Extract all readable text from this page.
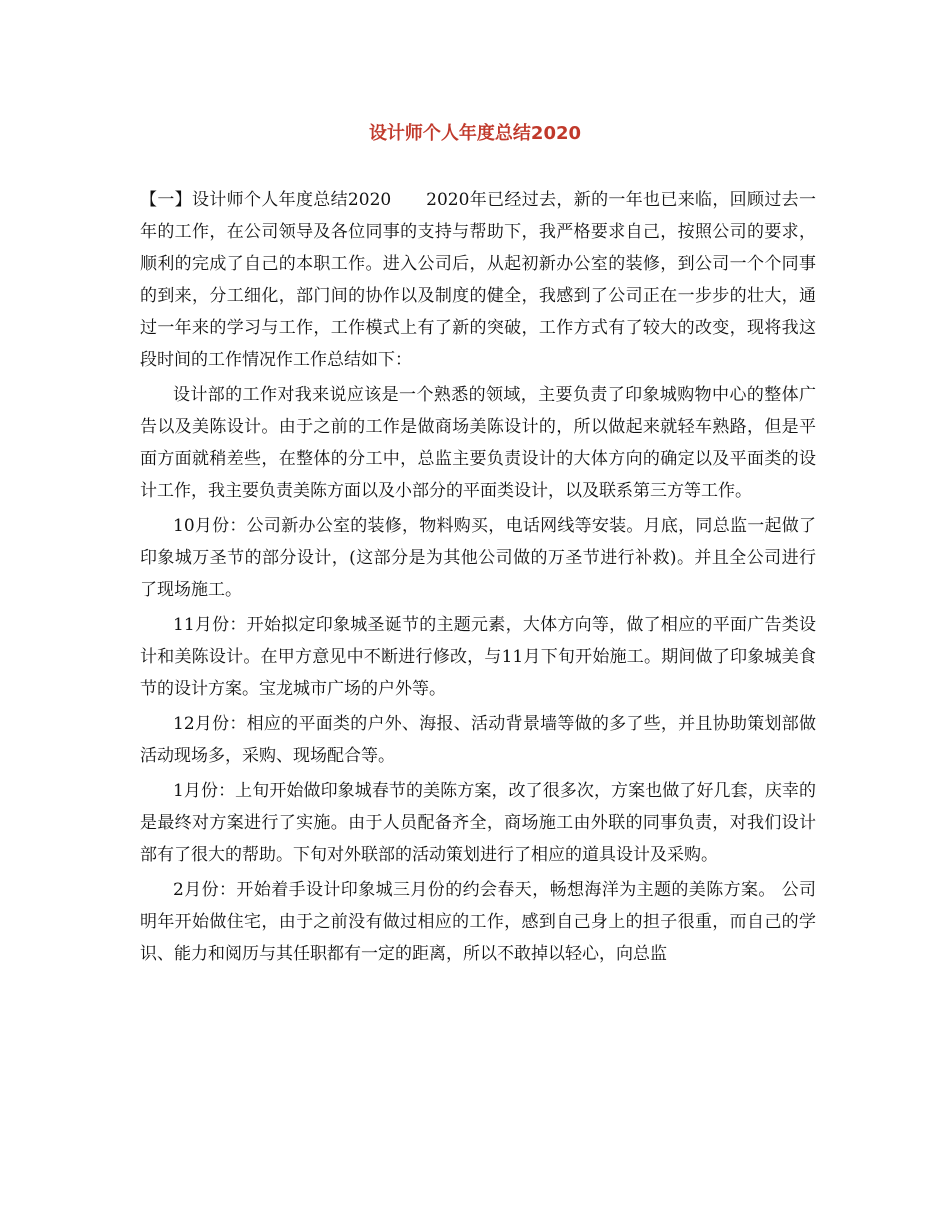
设计师个人年度总结2020

【一】设计师个人年度总结2020　　2020年已经过去，新的一年也已来临，回顾过去一年的工作，在公司领导及各位同事的支持与帮助下，我严格要求自己，按照公司的要求，顺利的完成了自己的本职工作。进入公司后，从起初新办公室的装修，到公司一个个同事的到来，分工细化，部门间的协作以及制度的健全，我感到了公司正在一步步的壮大，通过一年来的学习与工作，工作模式上有了新的突破，工作方式有了较大的改变，现将我这段时间的工作情况作工作总结如下：

设计部的工作对我来说应该是一个熟悉的领域，主要负责了印象城购物中心的整体广告以及美陈设计。由于之前的工作是做商场美陈设计的，所以做起来就轻车熟路，但是平面方面就稍差些，在整体的分工中，总监主要负责设计的大体方向的确定以及平面类的设计工作，我主要负责美陈方面以及小部分的平面类设计，以及联系第三方等工作。

10月份：公司新办公室的装修，物料购买，电话网线等安装。月底，同总监一起做了印象城万圣节的部分设计，(这部分是为其他公司做的万圣节进行补救)。并且全公司进行了现场施工。

11月份：开始拟定印象城圣诞节的主题元素，大体方向等，做了相应的平面广告类设计和美陈设计。在甲方意见中不断进行修改，与11月下旬开始施工。期间做了印象城美食节的设计方案。宝龙城市广场的户外等。

12月份：相应的平面类的户外、海报、活动背景墙等做的多了些，并且协助策划部做活动现场多，采购、现场配合等。

1月份：上旬开始做印象城春节的美陈方案，改了很多次，方案也做了好几套，庆幸的是最终对方案进行了实施。由于人员配备齐全，商场施工由外联的同事负责，对我们设计部有了很大的帮助。下旬对外联部的活动策划进行了相应的道具设计及采购。

2月份：开始着手设计印象城三月份的约会春天，畅想海洋为主题的美陈方案。 公司明年开始做住宅，由于之前没有做过相应的工作，感到自己身上的担子很重，而自己的学识、能力和阅历与其任职都有一定的距离，所以不敢掉以轻心，向总监
